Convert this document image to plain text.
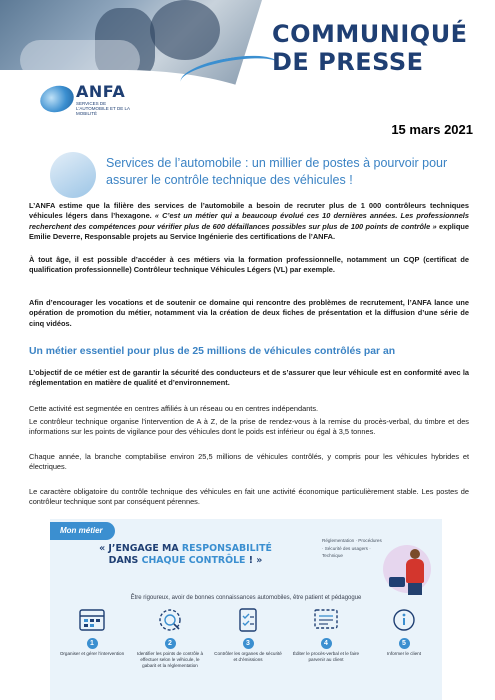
ANFA
SERVICES DE L'AUTOMOBILE ET DE LA MOBILITÉ
COMMUNIQUÉ
DE PRESSE
15 mars 2021
Services de l’automobile : un millier de postes à pourvoir pour assurer le contrôle technique des véhicules !
L’ANFA estime que la filière des services de l’automobile a besoin de recruter plus de 1 000 contrôleurs techniques véhicules légers dans l’hexagone. « C’est un métier qui a beaucoup évolué ces 10 dernières années. Les professionnels recherchent des compétences pour vérifier plus de 600 défaillances possibles sur plus de 100 points de contrôle » explique Emilie Deverre, Responsable projets au Service Ingénierie des certifications de l’ANFA.
À tout âge, il est possible d’accéder à ces métiers via la formation professionnelle, notamment un CQP (certificat de qualification professionnelle) Contrôleur technique Véhicules Légers (VL) par exemple.
Afin d’encourager les vocations et de soutenir ce domaine qui rencontre des problèmes de recrutement, l’ANFA lance une opération de promotion du métier, notamment via la création de deux fiches de présentation et la diffusion d’une série de cinq vidéos.
Un métier essentiel pour plus de 25 millions de véhicules contrôlés par an
L’objectif de ce métier est de garantir la sécurité des conducteurs et de s’assurer que leur véhicule est en conformité avec la réglementation en matière de qualité et d’environnement.
Cette activité est segmentée en centres affiliés à un réseau ou en centres indépendants.
Le contrôleur technique organise l’intervention de A à Z, de la prise de rendez-vous à la remise du procès-verbal, du timbre et des informations sur les points de vigilance pour des véhicules dont le poids est inférieur ou égal à 3,5 tonnes.
Chaque année, la branche comptabilise environ 25,5 millions de véhicules contrôlés, y compris pour les véhicules hybrides et électriques.
Le caractère obligatoire du contrôle technique des véhicules en fait une activité économique particulièrement stable. Les postes de contrôleur technique sont par conséquent pérennes.
Mon métier
« J’ENGAGE MA RESPONSABILITÉ
DANS CHAQUE CONTRÔLE ! »
Réglementation · Procédures · Sécurité des usagers · Technique
Être rigoureux, avoir de bonnes connaissances automobiles, être patient et pédagogue
1
Organiser et gérer l’intervention
2
Identifier les points de contrôle à effectuer selon le véhicule, le gabarit et la réglementation
3
Contrôler les organes de sécurité et d’émissions
4
Éditer le procès-verbal et le faire parvenir au client
5
Informer le client
